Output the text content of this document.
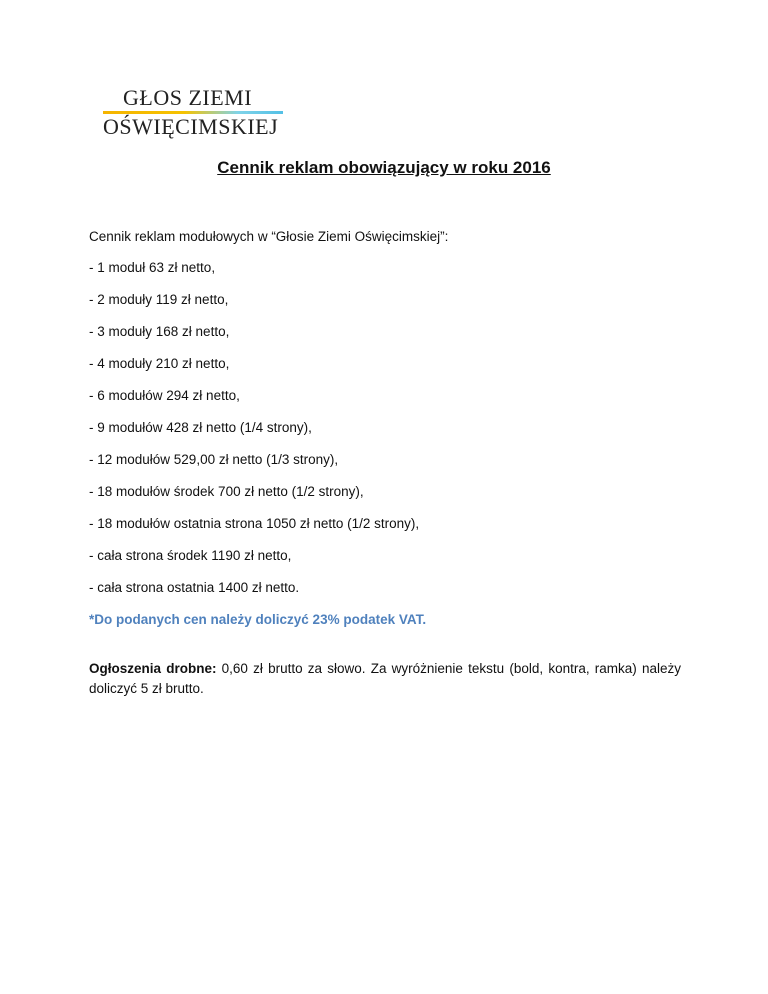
GŁOS ZIEMI
OŚWIĘCIMSKIEJ
Cennik reklam obowiązujący w roku 2016

Cennik reklam modułowych w “Głosie Ziemi Oświęcimskiej”:

- 1 moduł 63 zł netto,
- 2 moduły 119 zł netto,
- 3 moduły 168 zł netto,
- 4 moduły 210 zł netto,
- 6 modułów 294 zł netto,
- 9 modułów 428 zł netto (1/4 strony),
- 12 modułów 529,00 zł netto (1/3 strony),
- 18 modułów środek 700 zł netto (1/2 strony),
- 18 modułów ostatnia strona 1050 zł netto (1/2 strony),
- cała strona środek 1190 zł netto,
- cała strona ostatnia 1400 zł netto.

*Do podanych cen należy doliczyć 23% podatek VAT.

Ogłoszenia drobne: 0,60 zł brutto za słowo. Za wyróżnienie tekstu (bold, kontra, ramka) należy doliczyć 5 zł brutto.
